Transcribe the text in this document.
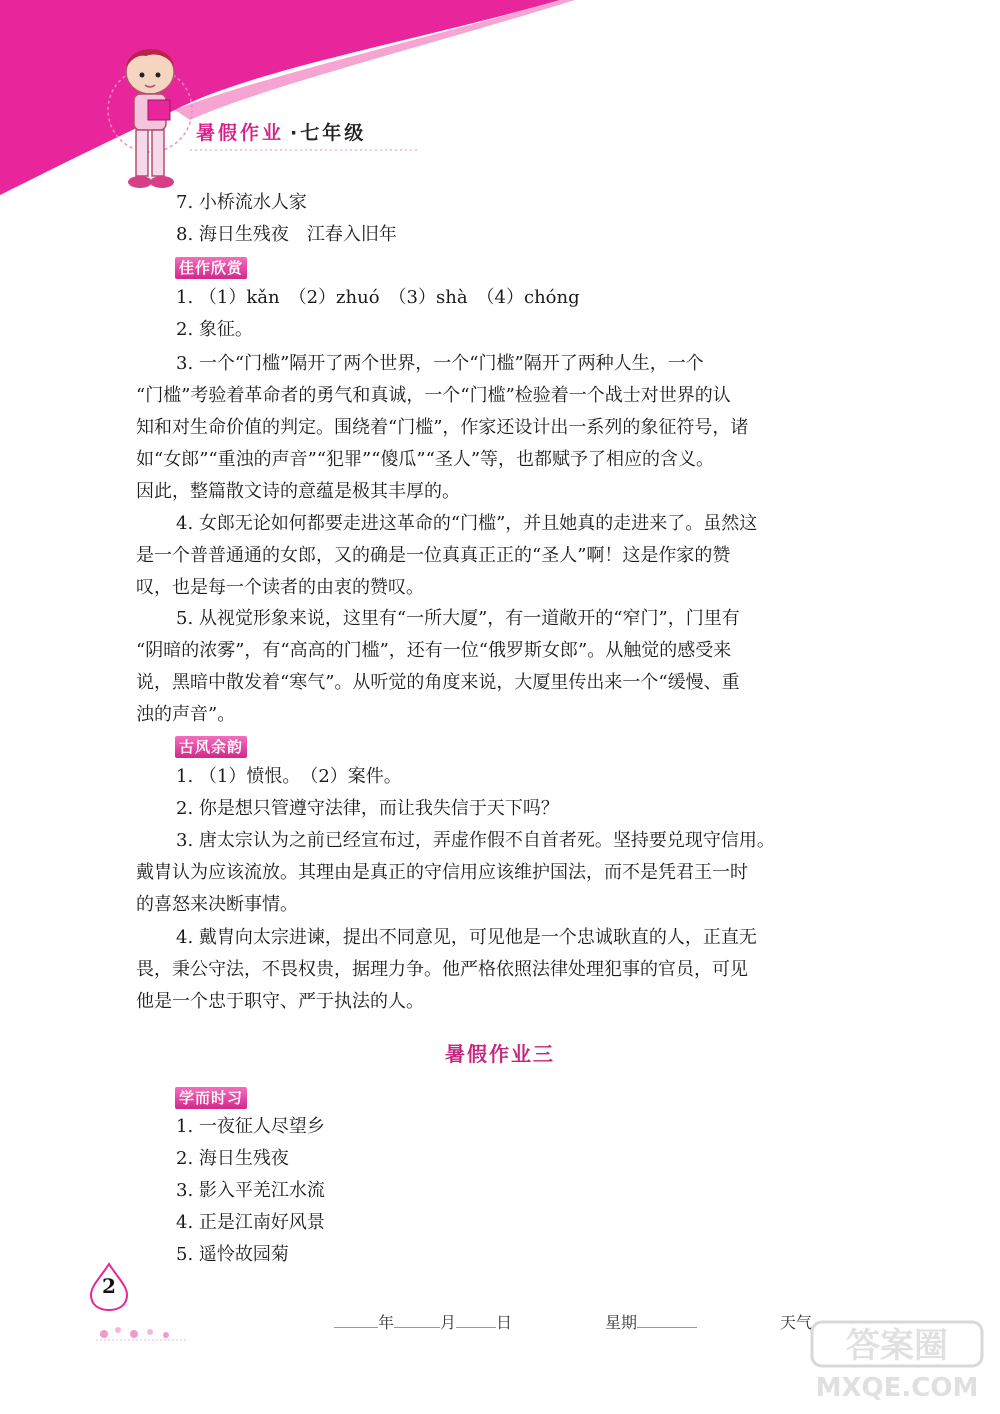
暑假作业 ·七年级
7. 小桥流水人家
8. 海日生残夜　江春入旧年
佳作欣赏
1. （1）kǎn　（2）zhuó　（3）shà　（4）chóng
2. 象征。
3. 一个“门槛”隔开了两个世界，一个“门槛”隔开了两种人生，一个
“门槛”考验着革命者的勇气和真诚，一个“门槛”检验着一个战士对世界的认
知和对生命价值的判定。围绕着“门槛”，作家还设计出一系列的象征符号，诸
如“女郎”“重浊的声音”“犯罪”“傻瓜”“圣人”等，也都赋予了相应的含义。
因此，整篇散文诗的意蕴是极其丰厚的。
4. 女郎无论如何都要走进这革命的“门槛”，并且她真的走进来了。虽然这
是一个普普通通的女郎，又的确是一位真真正正的“圣人”啊！这是作家的赞
叹，也是每一个读者的由衷的赞叹。
5. 从视觉形象来说，这里有“一所大厦”，有一道敞开的“窄门”，门里有
“阴暗的浓雾”，有“高高的门槛”，还有一位“俄罗斯女郎”。从触觉的感受来
说，黑暗中散发着“寒气”。从听觉的角度来说，大厦里传出来一个“缓慢、重
浊的声音”。
古风余韵
1. （1）愤恨。　（2）案件。
2. 你是想只管遵守法律，而让我失信于天下吗？
3. 唐太宗认为之前已经宣布过，弄虚作假不自首者死。坚持要兑现守信用。
戴胄认为应该流放。其理由是真正的守信用应该维护国法，而不是凭君王一时
的喜怒来决断事情。
4. 戴胄向太宗进谏，提出不同意见，可见他是一个忠诚耿直的人，正直无
畏，秉公守法，不畏权贵，据理力争。他严格依照法律处理犯事的官员，可见
他是一个忠于职守、严于执法的人。
暑假作业三
学而时习
1. 一夜征人尽望乡
2. 海日生残夜
3. 影入平羌江水流
4. 正是江南好风景
5. 遥怜故园菊
2
年	月	日	星期	天气
答案圈
MXQE.COM
